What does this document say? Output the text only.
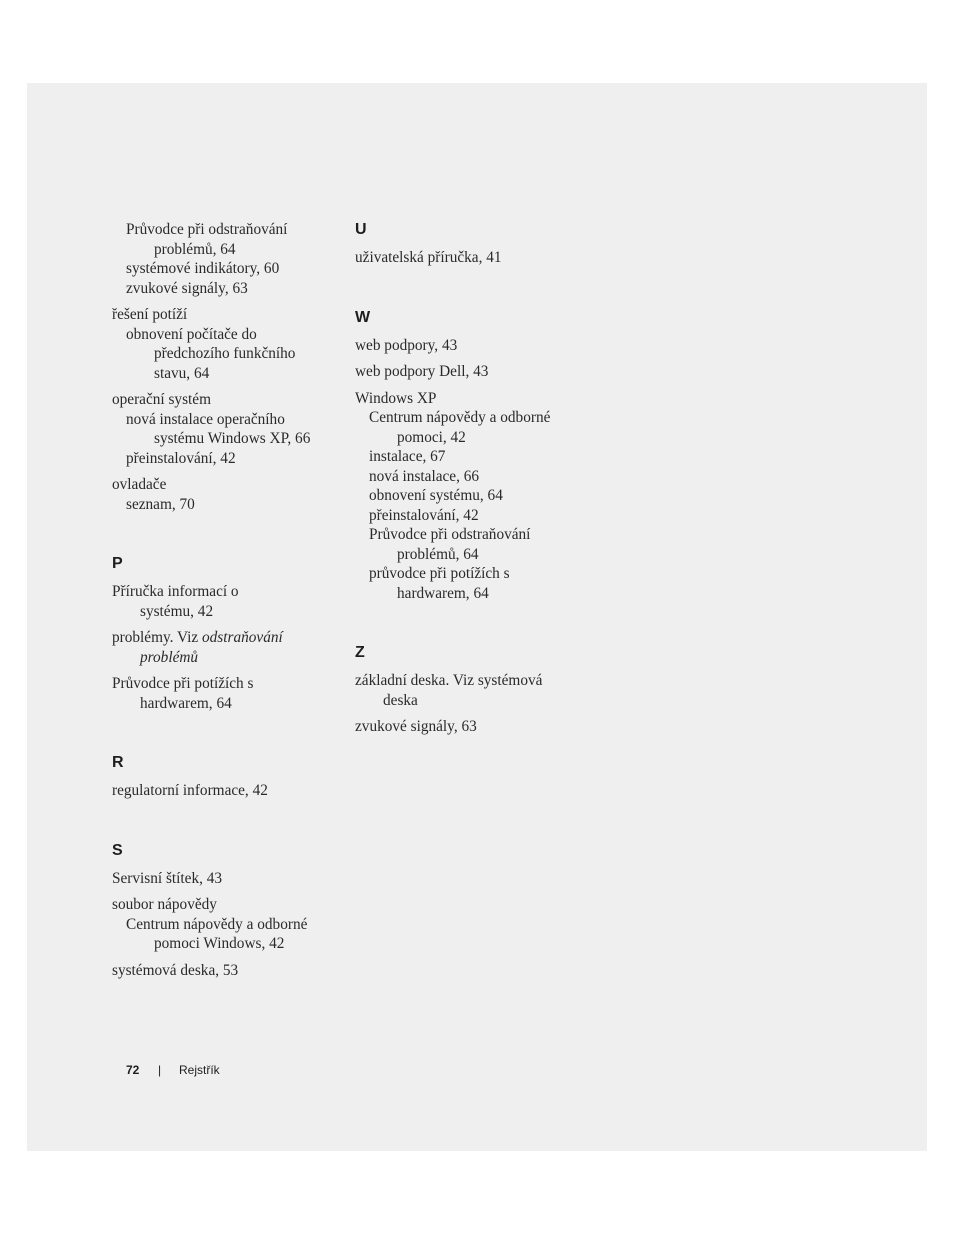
Průvodce při odstraňování
problémů, 64
systémové indikátory, 60
zvukové signály, 63
řešení potíží
obnovení počítače do
předchozího funkčního
stavu, 64
operační systém
nová instalace operačního
systému Windows XP, 66
přeinstalování, 42
ovladače
seznam, 70
P
Příručka informací o
systému, 42
problémy. Viz odstraňování
problémů
Průvodce při potížích s
hardwarem, 64
R
regulatorní informace, 42
S
Servisní štítek, 43
soubor nápovědy
Centrum nápovědy a odborné
pomoci Windows, 42
systémová deska, 53
U
uživatelská příručka, 41
W
web podpory, 43
web podpory Dell, 43
Windows XP
Centrum nápovědy a odborné
pomoci, 42
instalace, 67
nová instalace, 66
obnovení systému, 64
přeinstalování, 42
Průvodce při odstraňování
problémů, 64
průvodce při potížích s
hardwarem, 64
Z
základní deska. Viz systémová
deska
zvukové signály, 63
72 | Rejstřík
